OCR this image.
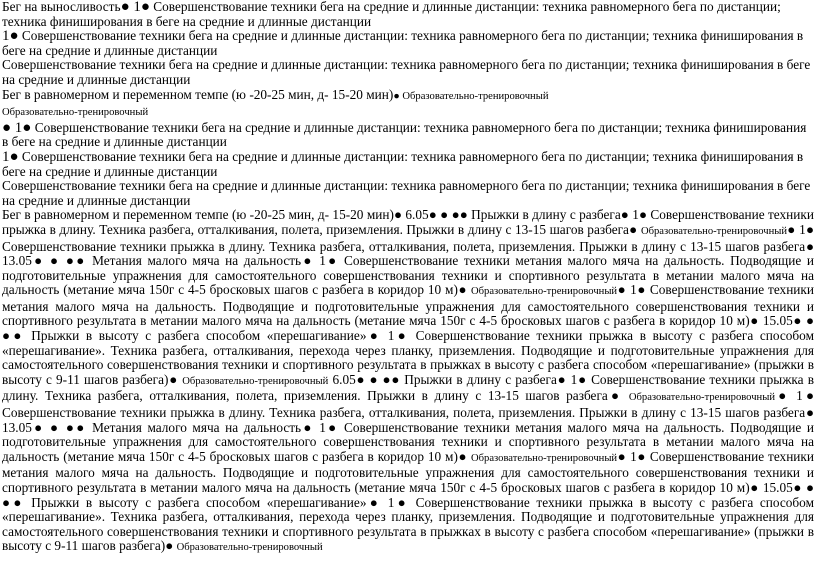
Бег на выносливость● 1● Совершенствование техники бега на средние и длинные дистанции: техника равномерного бега по дистанции; техника финиширования в беге на средние и длинные дистанции

1● Совершенствование техники бега на средние и длинные дистанции: техника равномерного бега по дистанции; техника финиширования в беге на средние и длинные дистанции

Совершенствование техники бега на средние и длинные дистанции: техника равномерного бега по дистанции; техника финиширования в беге на средние и длинные дистанции

Бег в равномерном и переменном темпе (ю -20-25 мин, д- 15-20 мин)● Образовательно-тренировочный

Образовательно-тренировочный

● 1● Совершенствование техники бега на средние и длинные дистанции: техника равномерного бега по дистанции; техника финиширования в беге на средние и длинные дистанции

1● Совершенствование техники бега на средние и длинные дистанции: техника равномерного бега по дистанции; техника финиширования в беге на средние и длинные дистанции

Совершенствование техники бега на средние и длинные дистанции: техника равномерного бега по дистанции; техника финиширования в беге на средние и длинные дистанции

Бег в равномерном и переменном темпе (ю -20-25 мин, д- 15-20 мин)● 6.05● ● ●● Прыжки в длину с разбега● 1● Совершенствование техники прыжка в длину. Техника разбега, отталкивания, полета, приземления. Прыжки в длину с 13-15 шагов разбега● Образовательно-тренировочный● 1● Совершенствование техники прыжка в длину. Техника разбега, отталкивания, полета, приземления. Прыжки в длину с 13-15 шагов разбега● 13.05● ● ●● Метания малого мяча на дальность● 1● Совершенствование техники метания малого мяча на дальность. Подводящие и подготовительные упражнения для самостоятельного совершенствования техники и спортивного результата в метании малого мяча на дальность (метание мяча 150г с 4-5 бросковых шагов с разбега в коридор 10 м)● Образовательно-тренировочный● 1● Совершенствование техники метания малого мяча на дальность. Подводящие и подготовительные упражнения для самостоятельного совершенствования техники и спортивного результата в метании малого мяча на дальность (метание мяча 150г с 4-5 бросковых шагов с разбега в коридор 10 м)● 15.05● ● ●● Прыжки в высоту с разбега способом «перешагивание»● 1● Совершенствование техники прыжка в высоту с разбега способом «перешагивание». Техника разбега, отталкивания, перехода через планку, приземления. Подводящие и подготовительные упражнения для самостоятельного совершенствования техники и спортивного результата в прыжках в высоту с разбега способом «перешагивание» (прыжки в высоту с 9-11 шагов разбега)● Образовательно-тренировочный 6.05● ● ●● Прыжки в длину с разбега● 1● Совершенствование техники прыжка в длину. Техника разбега, отталкивания, полета, приземления. Прыжки в длину с 13-15 шагов разбега● Образовательно-тренировочный● 1● Совершенствование техники прыжка в длину. Техника разбега, отталкивания, полета, приземления. Прыжки в длину с 13-15 шагов разбега● 13.05● ● ●● Метания малого мяча на дальность● 1● Совершенствование техники метания малого мяча на дальность. Подводящие и подготовительные упражнения для самостоятельного совершенствования техники и спортивного результата в метании малого мяча на дальность (метание мяча 150г с 4-5 бросковых шагов с разбега в коридор 10 м)● Образовательно-тренировочный● 1● Совершенствование техники метания малого мяча на дальность. Подводящие и подготовительные упражнения для самостоятельного совершенствования техники и спортивного результата в метании малого мяча на дальность (метание мяча 150г с 4-5 бросковых шагов с разбега в коридор 10 м)● 15.05● ● ●● Прыжки в высоту с разбега способом «перешагивание»● 1● Совершенствование техники прыжка в высоту с разбега способом «перешагивание». Техника разбега, отталкивания, перехода через планку, приземления. Подводящие и подготовительные упражнения для самостоятельного совершенствования техники и спортивного результата в прыжках в высоту с разбега способом «перешагивание» (прыжки в высоту с 9-11 шагов разбега)● Образовательно-тренировочный
